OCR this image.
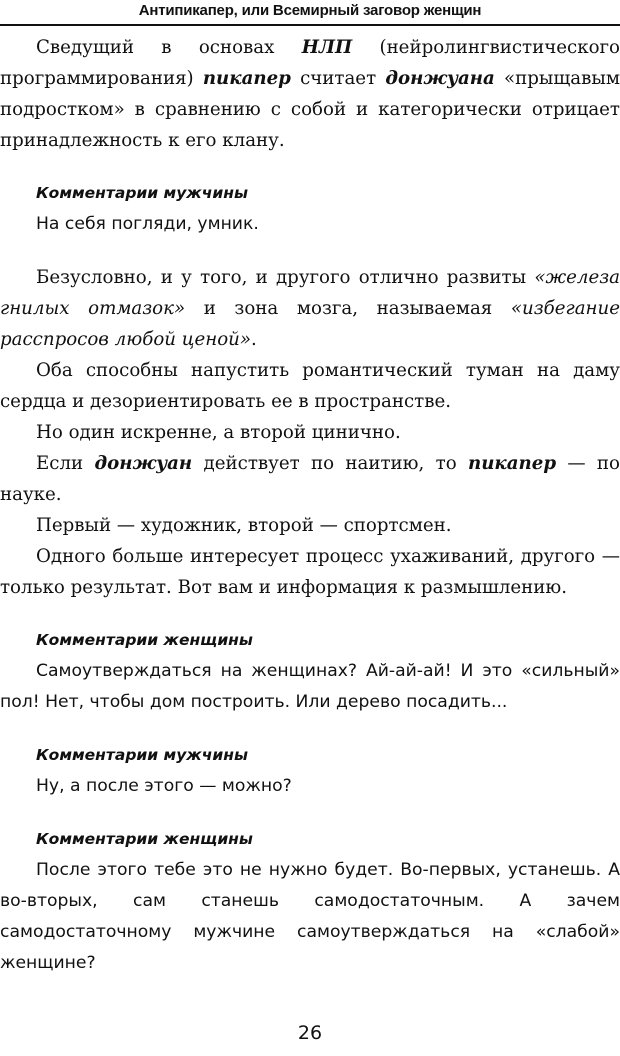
Антипикапер, или Всемирный заговор женщин

Сведущий в основах НЛП (нейролингвистического программирования) пикапер считает донжуана «прыщавым подростком» в сравнению с собой и категорически отрицает принадлежность к его клану.

Комментарии мужчины

На себя погляди, умник.

Безусловно, и у того, и другого отлично развиты «железа гнилых отмазок» и зона мозга, называемая «избегание расспросов любой ценой».

Оба способны напустить романтический туман на даму сердца и дезориентировать ее в пространстве.

Но один искренне, а второй цинично.

Если донжуан действует по наитию, то пикапер — по науке.

Первый — художник, второй — спортсмен.

Одного больше интересует процесс ухаживаний, другого — только результат. Вот вам и информация к размышлению.

Комментарии женщины

Самоутверждаться на женщинах? Ай-ай-ай! И это «сильный» пол! Нет, чтобы дом построить. Или дерево посадить...

Комментарии мужчины

Ну, а после этого — можно?

Комментарии женщины

После этого тебе это не нужно будет. Во-первых, устанешь. А во-вторых, сам станешь самодостаточным. А зачем самодостаточному мужчине самоутверждаться на «слабой» женщине?

26
